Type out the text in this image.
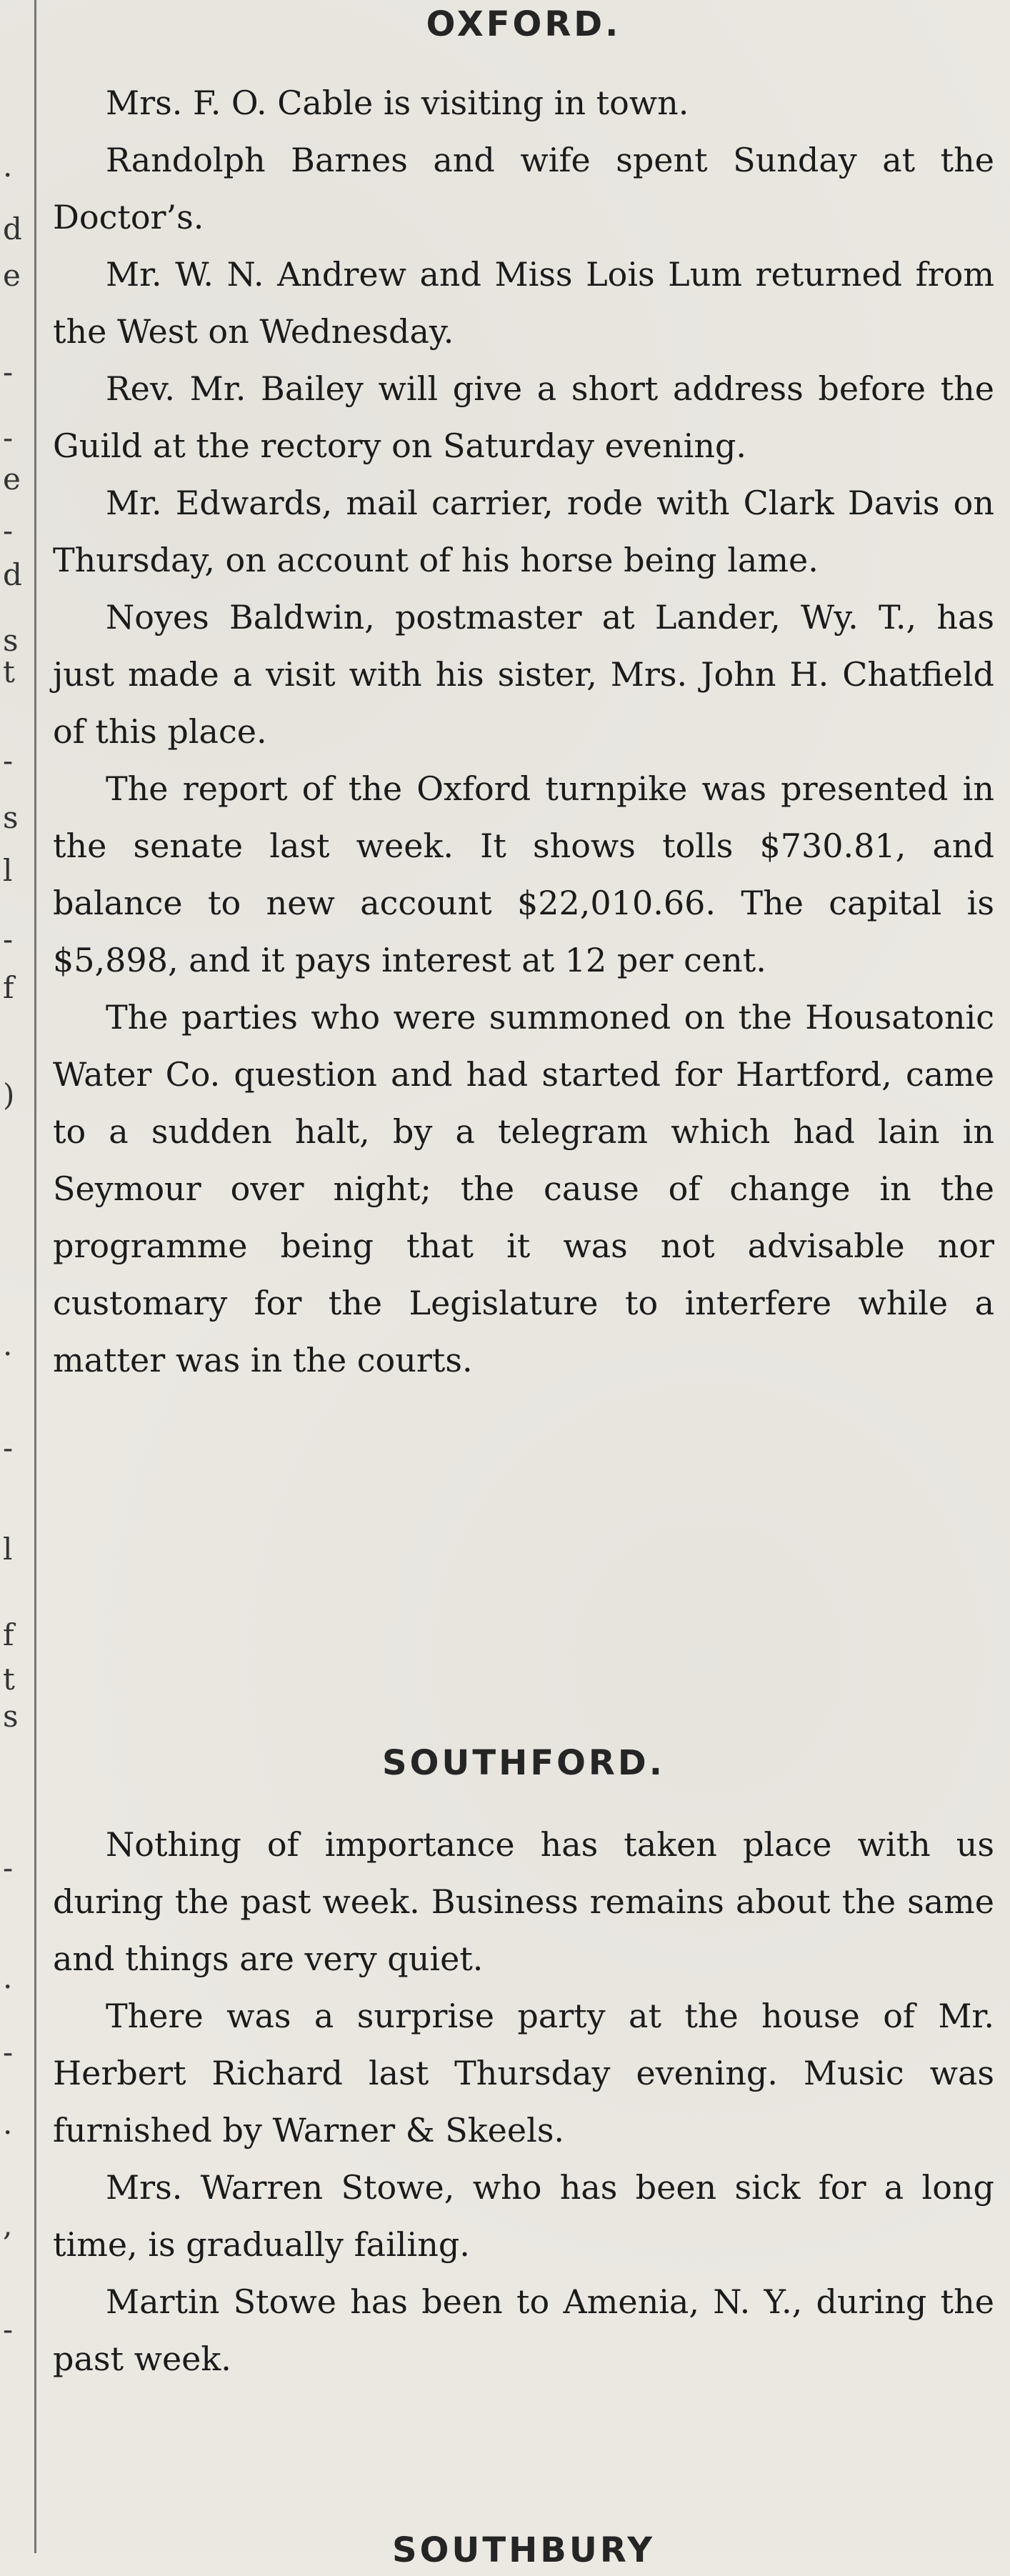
.
d
e
-
-
e
-
d
s
t
-
s
l
-
f
)
.
-
l
f
t
s
-
.
-
.
,
-
OXFORD.

Mrs. F. O. Cable is visiting in town.

Randolph Barnes and wife spent Sunday at the Doctor’s.

Mr. W. N. Andrew and Miss Lois Lum returned from the West on Wednesday.

Rev. Mr. Bailey will give a short address before the Guild at the rectory on Saturday evening.

Mr. Edwards, mail carrier, rode with Clark Davis on Thursday, on account of his horse being lame.

Noyes Baldwin, postmaster at Lander, Wy. T., has just made a visit with his sister, Mrs. John H. Chatfield of this place.

The report of the Oxford turnpike was presented in the senate last week. It shows tolls $730.81, and balance to new account $22,010.66. The capital is $5,898, and it pays interest at 12 per cent.

The parties who were summoned on the Housatonic Water Co. question and had started for Hartford, came to a sudden halt, by a telegram which had lain in Seymour over night; the cause of change in the programme being that it was not advisable nor customary for the Legislature to interfere while a matter was in the courts.

SOUTHFORD.

Nothing of importance has taken place with us during the past week. Business remains about the same and things are very quiet.

There was a surprise party at the house of Mr. Herbert Richard last Thursday evening. Music was furnished by Warner & Skeels.

Mrs. Warren Stowe, who has been sick for a long time, is gradually failing.

Martin Stowe has been to Amenia, N. Y., during the past week.

SOUTHBURY
